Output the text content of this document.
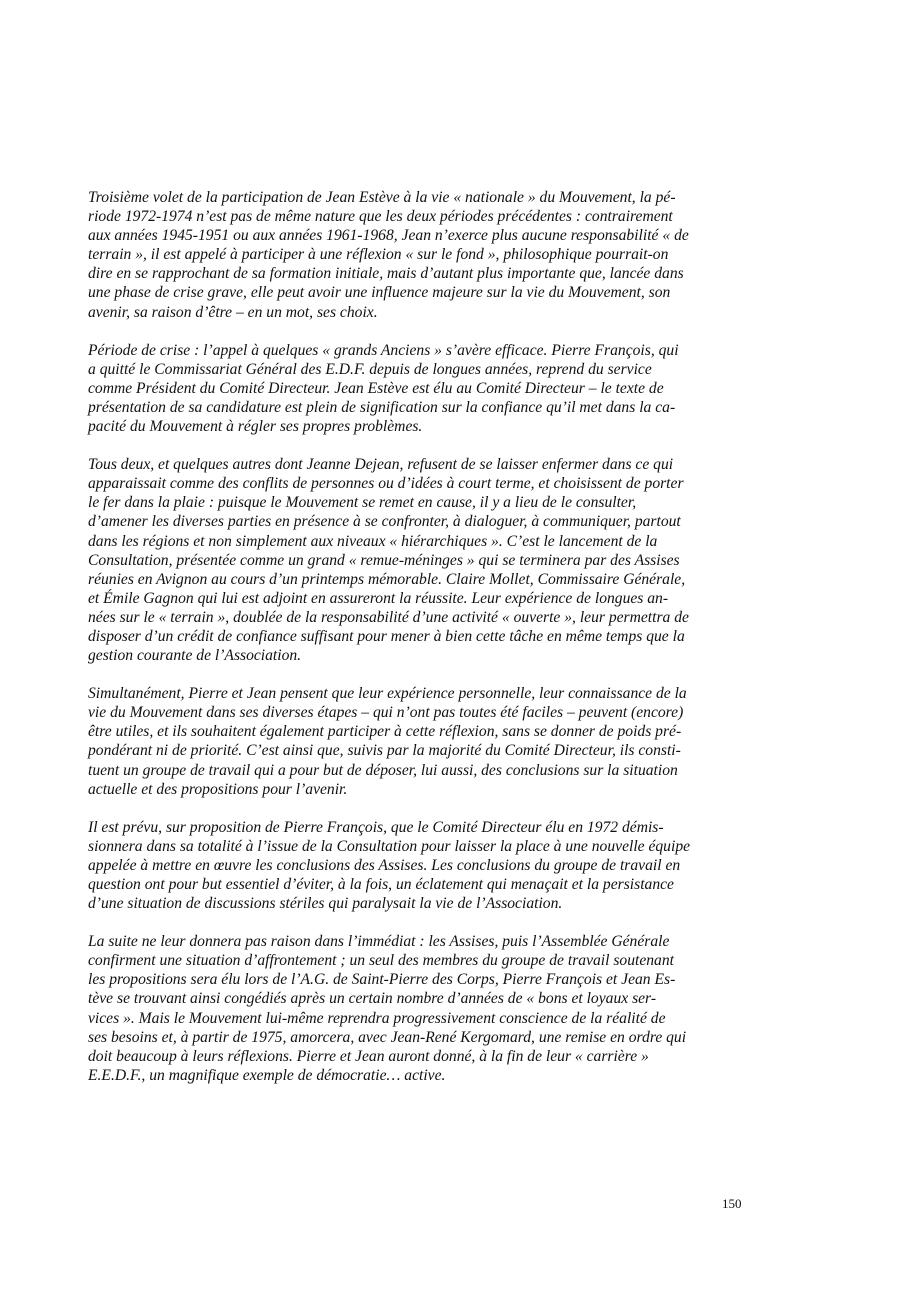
Troisième volet de la participation de Jean Estève à la vie « nationale » du Mouvement, la pé-
riode 1972-1974 n’est pas de même nature que les deux périodes précédentes : contrairement
aux années 1945-1951 ou aux années 1961-1968, Jean n’exerce plus aucune responsabilité « de
terrain », il est appelé à participer à une réflexion « sur le fond », philosophique pourrait-on
dire en se rapprochant de sa formation initiale, mais d’autant plus importante que, lancée dans
une phase de crise grave, elle peut avoir une influence majeure sur la vie du Mouvement, son
avenir, sa raison d’être – en un mot, ses choix.

Période de crise : l’appel à quelques « grands Anciens » s’avère efficace. Pierre François, qui
a quitté le Commissariat Général des E.D.F. depuis de longues années, reprend du service
comme Président du Comité Directeur. Jean Estève est élu au Comité Directeur – le texte de
présentation de sa candidature est plein de signification sur la confiance qu’il met dans la ca-
pacité du Mouvement à régler ses propres problèmes.

Tous deux, et quelques autres dont Jeanne Dejean, refusent de se laisser enfermer dans ce qui
apparaissait comme des conflits de personnes ou d’idées à court terme, et choisissent de porter
le fer dans la plaie : puisque le Mouvement se remet en cause, il y a lieu de le consulter,
d’amener les diverses parties en présence à se confronter, à dialoguer, à communiquer, partout
dans les régions et non simplement aux niveaux « hiérarchiques ». C’est le lancement de la
Consultation, présentée comme un grand « remue-méninges » qui se terminera par des Assises
réunies en Avignon au cours d’un printemps mémorable. Claire Mollet, Commissaire Générale,
et Émile Gagnon qui lui est adjoint en assureront la réussite. Leur expérience de longues an-
nées sur le « terrain », doublée de la responsabilité d’une activité « ouverte », leur permettra de
disposer d’un crédit de confiance suffisant pour mener à bien cette tâche en même temps que la
gestion courante de l’Association.

Simultanément, Pierre et Jean pensent que leur expérience personnelle, leur connaissance de la
vie du Mouvement dans ses diverses étapes – qui n’ont pas toutes été faciles – peuvent (encore)
être utiles, et ils souhaitent également participer à cette réflexion, sans se donner de poids pré-
pondérant ni de priorité. C’est ainsi que, suivis par la majorité du Comité Directeur, ils consti-
tuent un groupe de travail qui a pour but de déposer, lui aussi, des conclusions sur la situation
actuelle et des propositions pour l’avenir.

Il est prévu, sur proposition de Pierre François, que le Comité Directeur élu en 1972 démis-
sionnera dans sa totalité à l’issue de la Consultation pour laisser la place à une nouvelle équipe
appelée à mettre en œuvre les conclusions des Assises. Les conclusions du groupe de travail en
question ont pour but essentiel d’éviter, à la fois, un éclatement qui menaçait et la persistance
d’une situation de discussions stériles qui paralysait la vie de l’Association.

La suite ne leur donnera pas raison dans l’immédiat : les Assises, puis l’Assemblée Générale
confirment une situation d’affrontement ; un seul des membres du groupe de travail soutenant
les propositions sera élu lors de l’A.G. de Saint-Pierre des Corps, Pierre François et Jean Es-
tève se trouvant ainsi congédiés après un certain nombre d’années de « bons et loyaux ser-
vices ». Mais le Mouvement lui-même reprendra progressivement conscience de la réalité de
ses besoins et, à partir de 1975, amorcera, avec Jean-René Kergomard, une remise en ordre qui
doit beaucoup à leurs réflexions. Pierre et Jean auront donné, à la fin de leur « carrière »
E.E.D.F., un magnifique exemple de démocratie… active.

150
